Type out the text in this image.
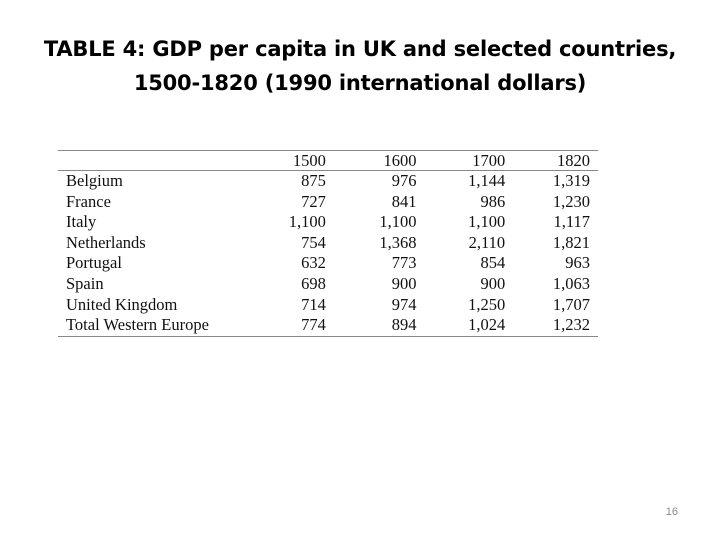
TABLE 4: GDP per capita in UK and selected countries,
1500-1820 (1990 international dollars)
	1500	1600	1700	1820
Belgium	875	976	1,144	1,319
France	727	841	986	1,230
Italy	1,100	1,100	1,100	1,117
Netherlands	754	1,368	2,110	1,821
Portugal	632	773	854	963
Spain	698	900	900	1,063
United Kingdom	714	974	1,250	1,707
Total Western Europe	774	894	1,024	1,232
16
